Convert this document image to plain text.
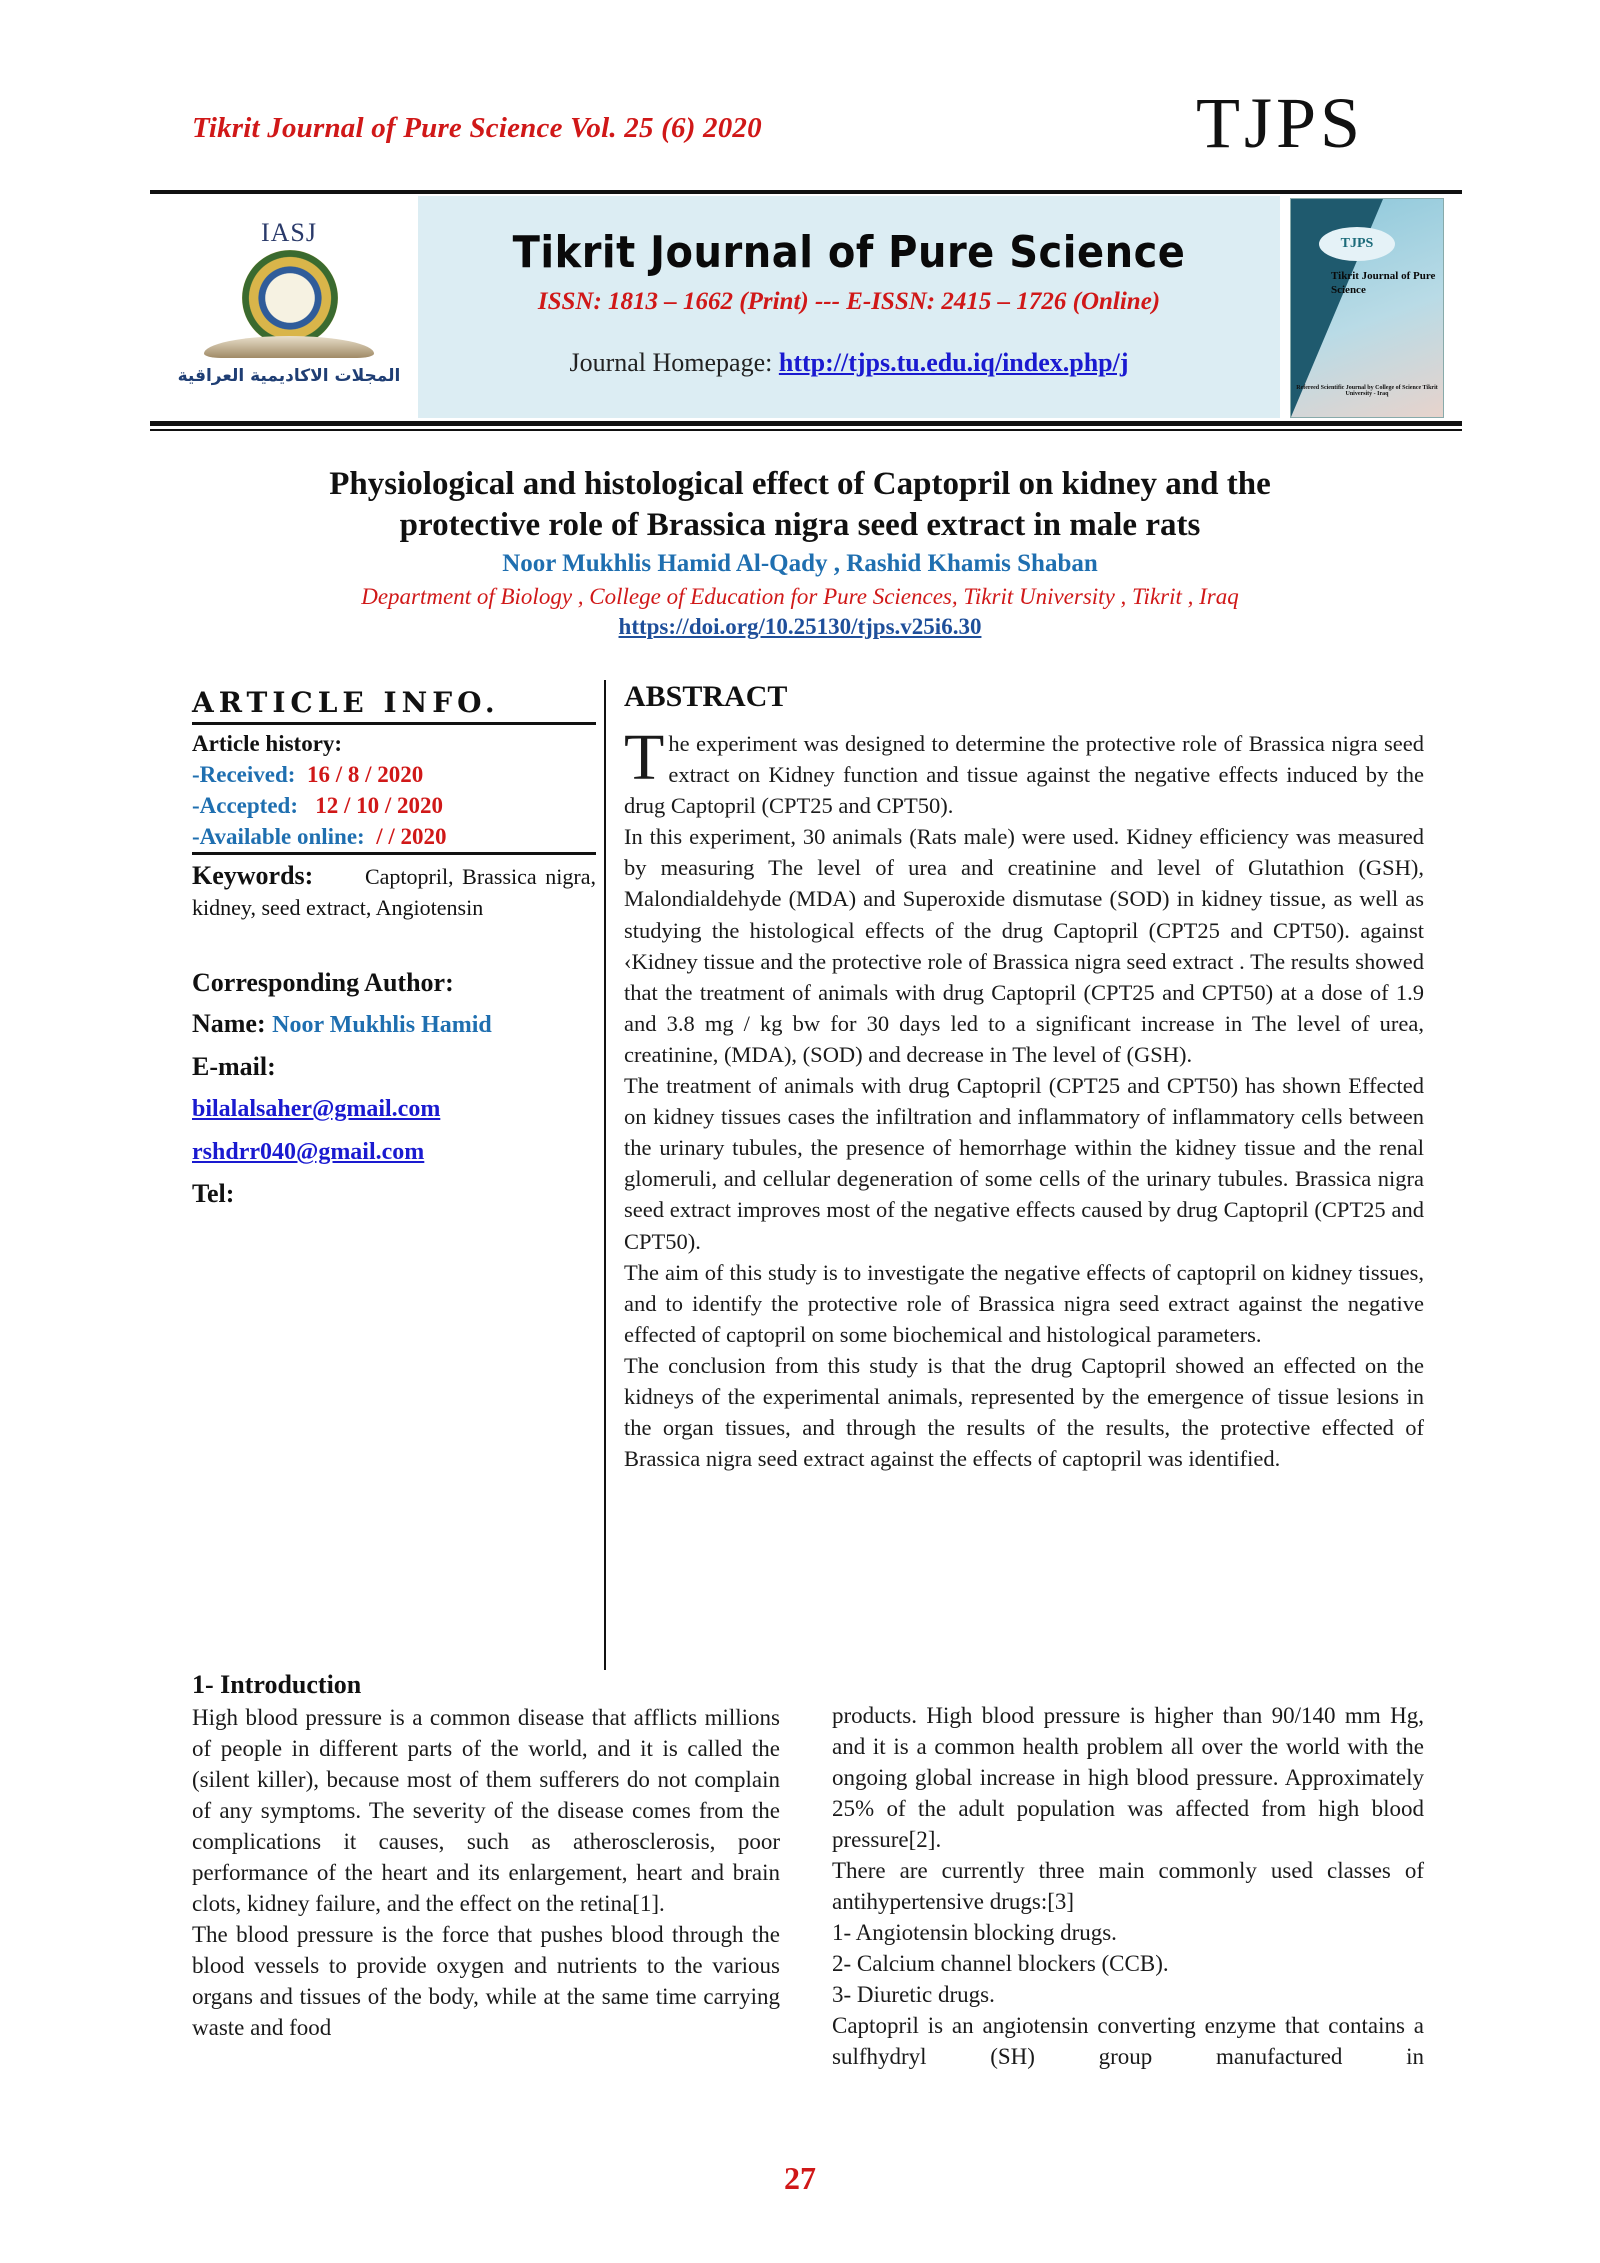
Tikrit Journal of Pure Science Vol. 25 (6) 2020	TJPS
IASJ
المجلات الاكاديمية العراقية
Tikrit Journal of Pure Science
ISSN: 1813 – 1662 (Print) --- E-ISSN: 2415 – 1726 (Online)
Journal Homepage: http://tjps.tu.edu.iq/index.php/j
TJPS
Tikrit Journal of Pure Science
Refereed Scientific Journal by College of Science Tikrit University - Iraq
Physiological and histological effect of Captopril on kidney and the
protective role of Brassica nigra seed extract in male rats
Noor Mukhlis Hamid Al-Qady , Rashid Khamis Shaban
Department of Biology , College of Education for Pure Sciences, Tikrit University , Tikrit , Iraq
https://doi.org/10.25130/tjps.v25i6.30
ARTICLE INFO.
Article history:
-Received: 16 / 8 / 2020
-Accepted: 12 / 10 / 2020
-Available online: / / 2020
Keywords: Captopril, Brassica nigra, kidney, seed extract, Angiotensin
Corresponding Author:
Name: Noor Mukhlis Hamid
E-mail:
bilalalsaher@gmail.com
rshdrr040@gmail.com
Tel:
ABSTRACT

The experiment was designed to determine the protective role of Brassica nigra seed extract on Kidney function and tissue against the negative effects induced by the drug Captopril (CPT25 and CPT50).

In this experiment, 30 animals (Rats male) were used. Kidney efficiency was measured by measuring The level of urea and creatinine and level of Glutathion (GSH), Malondialdehyde (MDA) and Superoxide dismutase (SOD) in kidney tissue, as well as studying the histological effects of the drug Captopril (CPT25 and CPT50). against ‹Kidney tissue and the protective role of Brassica nigra seed extract . The results showed that the treatment of animals with drug Captopril (CPT25 and CPT50) at a dose of 1.9 and 3.8 mg / kg bw for 30 days led to a significant increase in The level of urea, creatinine, (MDA), (SOD) and decrease in The level of (GSH).

The treatment of animals with drug Captopril (CPT25 and CPT50) has shown Effected on kidney tissues cases the infiltration and inflammatory of inflammatory cells between the urinary tubules, the presence of hemorrhage within the kidney tissue and the renal glomeruli, and cellular degeneration of some cells of the urinary tubules. Brassica nigra seed extract improves most of the negative effects caused by drug Captopril (CPT25 and CPT50).

The aim of this study is to investigate the negative effects of captopril on kidney tissues, and to identify the protective role of Brassica nigra seed extract against the negative effected of captopril on some biochemical and histological parameters.

The conclusion from this study is that the drug Captopril showed an effected on the kidneys of the experimental animals, represented by the emergence of tissue lesions in the organ tissues, and through the results of the results, the protective effected of Brassica nigra seed extract against the effects of captopril was identified.

1- Introduction

High blood pressure is a common disease that afflicts millions of people in different parts of the world, and it is called the (silent killer), because most of them sufferers do not complain of any symptoms. The severity of the disease comes from the complications it causes, such as atherosclerosis, poor performance of the heart and its enlargement, heart and brain clots, kidney failure, and the effect on the retina[1].

The blood pressure is the force that pushes blood through the blood vessels to provide oxygen and nutrients to the various organs and tissues of the body, while at the same time carrying waste and food

products. High blood pressure is higher than 90/140 mm Hg, and it is a common health problem all over the world with the ongoing global increase in high blood pressure. Approximately 25% of the adult population was affected from high blood pressure[2].

There are currently three main commonly used classes of antihypertensive drugs:[3]

1- Angiotensin blocking drugs.

2- Calcium channel blockers (CCB).

3- Diuretic drugs.

Captopril is an angiotensin converting enzyme that contains a sulfhydryl (SH) group manufactured in

27
